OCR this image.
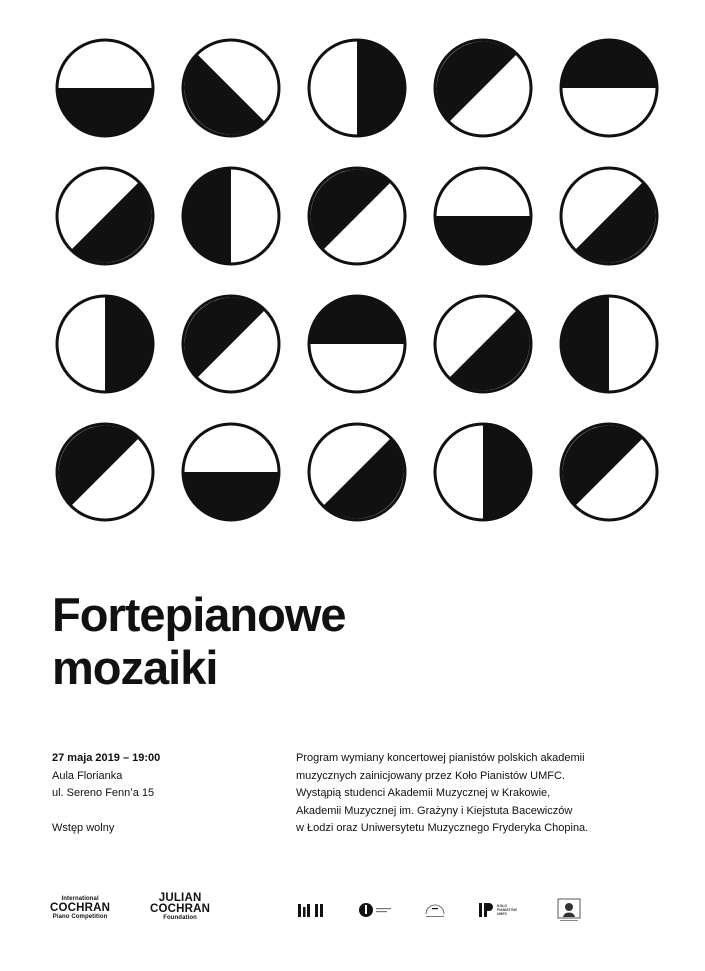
Fortepianowe
mozaiki
27 maja 2019 – 19:00
Aula Florianka
ul. Sereno Fenn’a 15
Wstęp wolny
Program wymiany koncertowej pianistów polskich akademii
muzycznych zainicjowany przez Koło Pianistów UMFC.
Wystąpią studenci Akademii Muzycznej w Krakowie,
Akademii Muzycznej im. Grażyny i Kiejstuta Bacewiczów
w Łodzi oraz Uniwersytetu Muzycznego Fryderyka Chopina.
International
COCHRAN
Piano Competition
JULIAN
COCHRAN
Foundation
KOŁO
PIANISTÓW
UMFC
